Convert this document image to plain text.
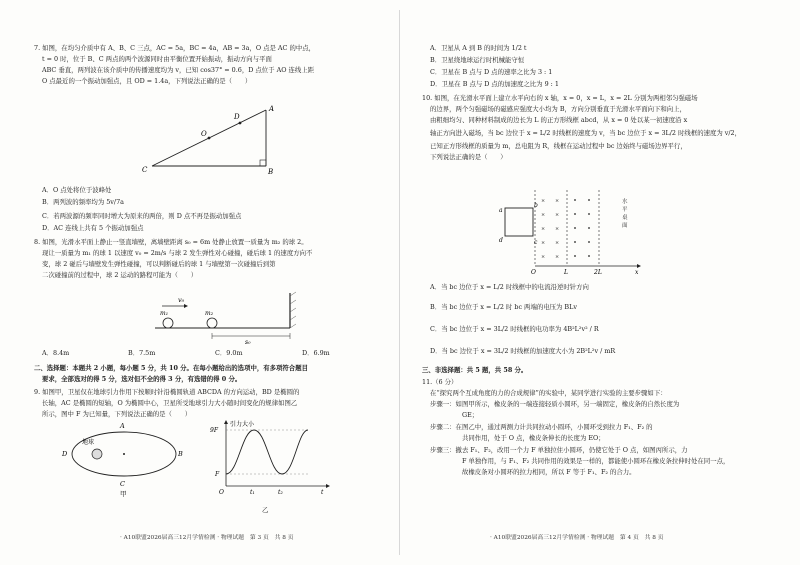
7. 如图，在均匀介质中有 A、B、C 三点，AC = 5a，BC = 4a，AB = 3a，O 点是 AC 的中点，
t = 0 时，位于 B、C 两点的两个波源同时由平衡位置开始振动，振动方向与平面
ABC 垂直，两列波在该介质中的传播速度均为 v，已知 cos37° = 0.6，D 点位于 AO 连线上距
O 点最近的一个振动加强点，且 OD = 1.4a，下列说法正确的是（　　）
A
B
C
D
O
A．O 点处将位于波峰处
B．两列波的频率均为 5v/7a
C．若两波源的频率同时增大为原来的两倍，则 D 点不再是振动加强点
D．AC 连线上共有 5 个振动加强点
8. 如图，光滑水平面上静止一竖直墙壁，离墙壁距离 s₀ = 6m 处静止放置一质量为 m₂ 的球 2。
现让一质量为 m₁ 的球 1 以速度 v₀ = 2m/s 与球 2 发生弹性对心碰撞，碰后球 1 的速度方向不
变，球 2 碰后与墙壁发生弹性碰撞，可以判断碰后的球 1 与墙壁第一次碰撞后到第
二次碰撞前的过程中，球 2 运动的路程可能为（　　）
v₀
m₁	m₂
s₀
A．8.4m	B．7.5m	C．9.0m	D．6.9m
二、选择题：本题共 2 小题，每小题 5 分，共 10 分。在每小题给出的选项中，有多项符合题目
要求，全部选对的得 5 分，选对但不全的得 3 分，有选错的得 0 分。
9. 如图甲，卫星仅在地球引力作用下按顺时针沿椭圆轨道 ABCDA 的方向运动，BD 是椭圆的
长轴，AC 是椭圆的短轴，O 为椭圆中心，卫星所受地球引力大小随时间变化的规律如图乙
所示，图中 F 为已知量，下列说法正确的是（　　）
A
B
C
D
地球
甲
引力大小
9F
F
O	t₁	t₂	t
乙
· A10联盟2026届高三12月学情检测 · 物理试题　第 3 页　共 8 页
A．卫星从 A 到 B 的时间为 1/2 t
B．卫星绕地球运行时机械能守恒
C．卫星在 B 点与 D 点的速率之比为 3 : 1
D．卫星在 B 点与 D 点的加速度之比为 9 : 1
10. 如图，在光滑水平面上建立水平向右的 x 轴，x = 0，x = L，x = 2L 分别为两相邻匀强磁场
的边界，两个匀强磁场的磁感应强度大小均为 B，方向分别垂直于光滑水平面向下和向上，
由粗细均匀、同种材料制成的边长为 L 的正方形线框 abcd，从 x = 0 处以某一初速度沿 x
轴正方向进入磁场，当 bc 边位于 x = L/2 时线框的速度为 v，当 bc 边位于 x = 3L/2 时线框的速度为 v/2，
已知正方形线框的质量为 m，总电阻为 R，线框在运动过程中 bc 边始终与磁场边界平行，
下列说法正确的是（　　）
× ×
× ×
× ×
× ×
× ×
a
b
c
d
O	L	2L	x
水平桌面
A．当 bc 边位于 x = L/2 时线框中的电流沿逆时针方向
B．当 bc 边位于 x = L/2 时 bc 两端的电压为 BLv
C．当 bc 边位于 x = 3L/2 时线框的电功率为 4B²L²v² / R
D．当 bc 边位于 x = 3L/2 时线框的加速度大小为 2B²L²v / mR
三、非选择题：共 5 题，共 58 分。
11.（6 分）
在“探究两个互成角度的力的合成规律”的实验中，某同学进行实验的主要步骤如下：
步骤一：如图甲所示，橡皮条的一端连接轻质小圆环，另一端固定，橡皮条的自然长度为
GE；
步骤二：在图乙中，通过两测力计共同拉动小圆环，小圆环受到拉力 F₁、F₂ 的
共同作用，处于 O 点，橡皮条伸长的长度为 EO；
步骤三：撤去 F₁、F₂，改用一个力 F 单独拉住小圆环，仍使它处于 O 点，如图丙所示，力
F 单独作用，与 F₁、F₂ 共同作用的效果是一样的，都能使小圆环在橡皮条拉伸时处在同一点，
故橡皮条对小圆环的拉力相同，所以 F 等于 F₁、F₂ 的合力。
· A10联盟2026届高三12月学情检测 · 物理试题　第 4 页　共 8 页
